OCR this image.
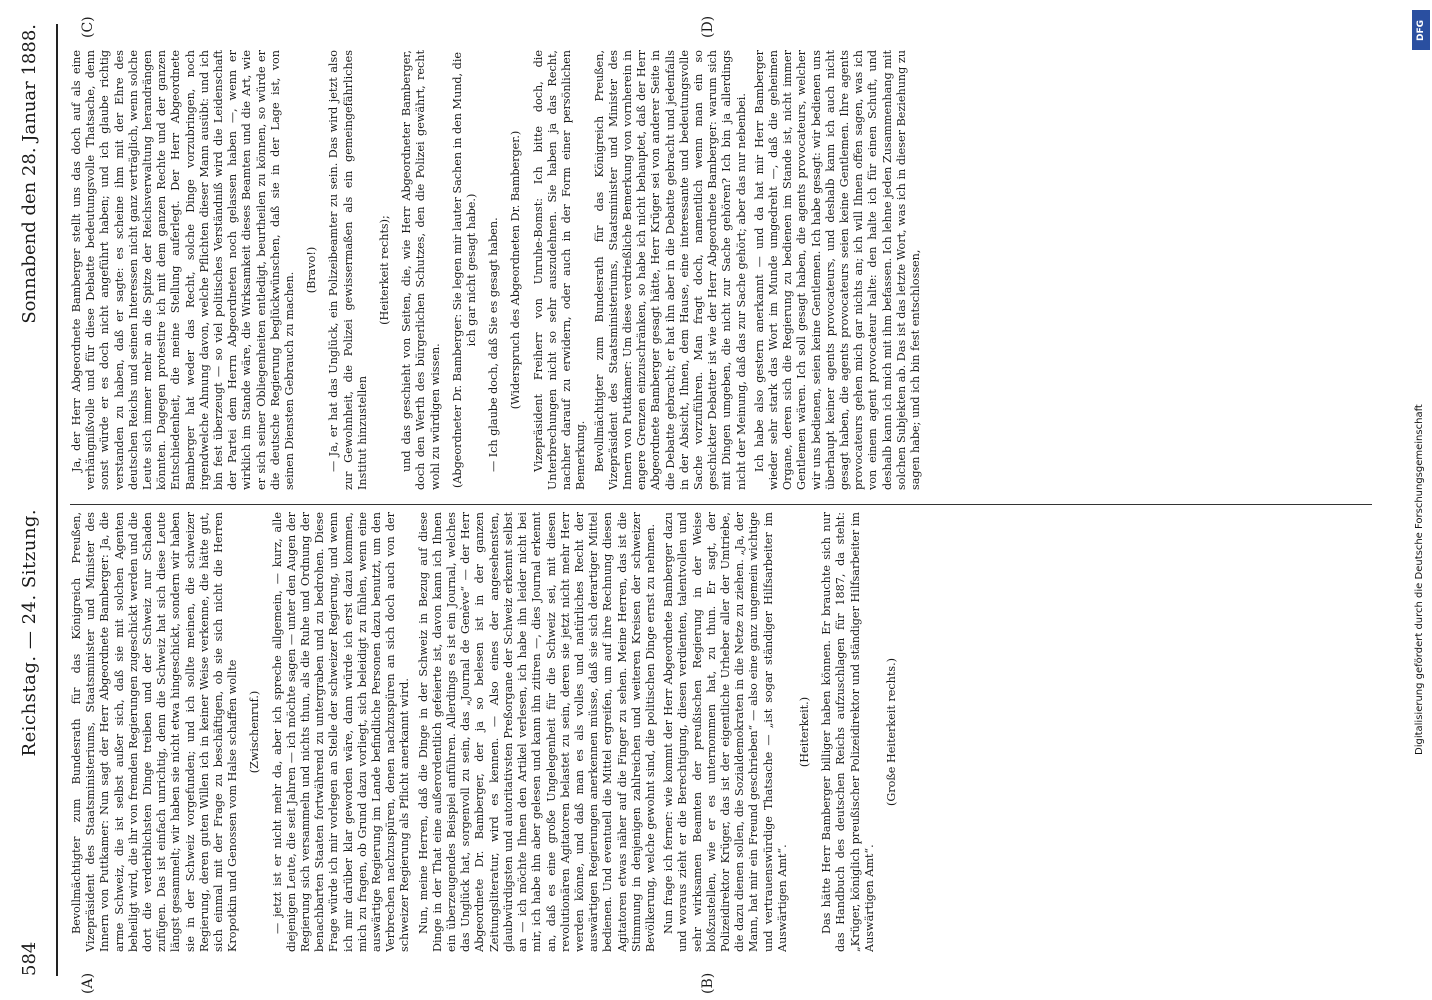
584
Reichstag. — 24. Sitzung.
Sonnabend den 28. Januar 1888.
(A)	(B)
(C)	(D)

Bevollmächtigter zum Bundesrath für das Königreich Preußen, Vizepräsident des Staatsministeriums, Staatsminister und Minister des Innern von Puttkamer: Nun sagt der Herr Abgeordnete Bamberger: Ja, die arme Schweiz, die ist selbst außer sich, daß sie mit solchen Agenten beheiligt wird, die ihr von fremden Regierungen zugeschickt werden und die dort die verderblichsten Dinge treiben und der Schweiz nur Schaden zufügen. Das ist einfach unrichtig, denn die Schweiz hat sich diese Leute längst gesammelt; wir haben sie nicht etwa hingeschickt, sondern wir haben sie in der Schweiz vorgefunden; und ich sollte meinen, die schweizer Regierung, deren guten Willen ich in keiner Weise verkenne, die hätte gut, sich einmal mit der Frage zu beschäftigen, ob sie sich nicht die Herren Kropotkin und Genossen vom Halse schaffen wollte (Zwischenruf.) — jetzt ist er nicht mehr da, aber ich spreche allgemein, — kurz, alle diejenigen Leute, die seit Jahren — ich möchte sagen — unter den Augen der Regierung sich versammeln und nichts thun, als die Ruhe und Ordnung der benachbarten Staaten fortwährend zu untergraben und zu bedrohen. Diese Frage würde ich mir vorlegen an Stelle der schweizer Regierung, und wenn ich mir darüber klar geworden wäre, dann würde ich erst dazu kommen, mich zu fragen, ob Grund dazu vorliegt, sich beleidigt zu fühlen, wenn eine auswärtige Regierung im Lande befindliche Personen dazu benutzt, um den Verbrechen nachzuspüren, denen nachzuspüren an sich doch auch von der schweizer Regierung als Pflicht anerkannt wird. Nun, meine Herren, daß die Dinge in der Schweiz in Bezug auf diese Dinge in der That eine außerordentlich gefeierte ist, davon kann ich Ihnen ein überzeugendes Beispiel anführen. Allerdings es ist ein Journal, welches das Unglück hat, sorgenvoll zu sein, das „Journal de Genève“ — der Herr Abgeordnete Dr. Bamberger, der ja so belesen ist in der ganzen Zeitungsliteratur, wird es kennen. — Also eines der angesehensten, glaubwürdigsten und autoritativsten Preßorgane der Schweiz erkennt selbst an — ich möchte Ihnen den Artikel verlesen, ich habe ihn leider nicht bei mir, ich habe ihn aber gelesen und kann ihn zitiren —, dies Journal erkennt an, daß es eine große Ungelegenheit für die Schweiz sei, mit diesen revolutionären Agitatoren belastet zu sein, deren sie jetzt nicht mehr Herr werden könne, und daß man es als volles und natürliches Recht der auswärtigen Regierungen anerkennen müsse, daß sie sich derartiger Mittel bedienen. Und eventuell die Mittel ergreifen, um auf ihre Rechnung diesen Agitatoren etwas näher auf die Finger zu sehen. Meine Herren, das ist die Stimmung in denjenigen zahlreichen und weiteren Kreisen der schweizer Bevölkerung, welche gewohnt sind, die politischen Dinge ernst zu nehmen. Nun frage ich ferner: wie kommt der Herr Abgeordnete Bamberger dazu und woraus zieht er die Berechtigung, diesen verdienten, talentvollen und sehr wirksamen Beamten der preußischen Regierung in der Weise bloßzustellen, wie er es unternommen hat, zu thun. Er sagt, der Polizeidirektor Krüger, das ist der eigentliche Urheber aller der Umtriebe, die dazu dienen sollen, die Sozialdemokraten in die Netze zu ziehen. „Ja, der Mann, hat mir ein Freund geschrieben“ — also eine ganz ungemein wichtige und vertrauenswürdige Thatsache — „ist sogar ständiger Hilfsarbeiter im Auswärtigen Amt“.

(Heiterkeit.) Das hätte Herr Bamberger billiger haben können. Er brauchte sich nur das Handbuch des deutschen Reichs aufzuschlagen für 1887, da steht: „Krüger, königlich preußischer Polizeidirektor und ständiger Hilfsarbeiter im Auswärtigen Amt“.

(Große Heiterkeit rechts.)

Ja, der Herr Abgeordnete Bamberger stellt uns das doch auf als eine verhängnißvolle und für diese Debatte bedeutungsvolle Thatsache, denn sonst würde er es doch nicht angeführt haben; und ich glaube richtig verstanden zu haben, daß er sagte: es scheine ihm mit der Ehre des deutschen Reichs und seinen Interessen nicht ganz verträglich, wenn solche Leute sich immer mehr an die Spitze der Reichsverwaltung herandrängen könnten. Dagegen protestire ich mit dem ganzen Rechte und der ganzen Entschiedenheit, die meine Stellung auferlegt. Der Herr Abgeordnete Bamberger hat weder das Recht, solche Dinge vorzubringen, noch irgendwelche Ahnung davon, welche Pflichten dieser Mann ausübt: und ich bin fest überzeugt — so viel politisches Verständniß wird die Leidenschaft der Partei dem Herrn Abgeordneten noch gelassen haben —, wenn er wirklich im Stande wäre, die Wirksamkeit dieses Beamten und die Art, wie er sich seiner Obliegenheiten entledigt, beurtheilen zu können, so würde er die deutsche Regierung beglückwünschen, daß sie in der Lage ist, von seinen Diensten Gebrauch zu machen.

(Bravo!) — Ja, er hat das Unglück, ein Polizeibeamter zu sein. Das wird jetzt also zur Gewohnheit, die Polizei gewissermaßen als ein gemeingefährliches Institut hinzustellen

(Heiterkeit rechts); und das geschieht von Seiten, die, wie Herr Abgeordneter Bamberger, doch den Werth des bürgerlichen Schutzes, den die Polizei gewährt, recht wohl zu würdigen wissen. (Abgeordneter Dr. Bamberger: Sie legen mir lauter Sachen in den Mund, die ich gar nicht gesagt habe.) — Ich glaube doch, daß Sie es gesagt haben. (Widerspruch des Abgeordneten Dr. Bamberger.) Vizepräsident Freiherr von Unruhe-Bomst: Ich bitte doch, die Unterbrechungen nicht so sehr auszudehnen. Sie haben ja das Recht, nachher darauf zu erwidern, oder auch in der Form einer persönlichen Bemerkung. Bevollmächtigter zum Bundesrath für das Königreich Preußen, Vizepräsident des Staatsministeriums, Staatsminister und Minister des Innern von Puttkamer: Um diese verdrießliche Bemerkung von vornherein in engere Grenzen einzuschränken, so habe ich nicht behauptet, daß der Herr Abgeordnete Bamberger gesagt hätte, Herr Krüger sei von anderer Seite in die Debatte gebracht; er hat ihn aber in die Debatte gebracht und jedenfalls in der Absicht, Ihnen, dem Hause, eine interessante und bedeutungsvolle Sache vorzuführen. Man fragt doch, namentlich wenn man ein so geschickter Debatter ist wie der Herr Abgeordnete Bamberger: warum sich mit Dingen umgeben, die nicht zur Sache gehören? Ich bin ja allerdings nicht der Meinung, daß das zur Sache gehört; aber das nur nebenbei. Ich habe also gestern anerkannt — und da hat mir Herr Bamberger wieder sehr stark das Wort im Munde umgedreht —, daß die geheimen Organe, deren sich die Regierung zu bedienen im Stande ist, nicht immer Gentlemen wären. Ich soll gesagt haben, die agents provocateurs, welcher wir uns bedienen, seien keine Gentlemen. Ich habe gesagt: wir bedienen uns überhaupt keiner agents provocateurs, und deshalb kann ich auch nicht gesagt haben, die agents provocateurs seien keine Gentlemen. Ihre agents provocateurs gehen mich gar nichts an; ich will Ihnen offen sagen, was ich von einem agent provocateur halte: den halte ich für einen Schuft, und deshalb kann ich mich mit ihm befassen. Ich lehne jeden Zusammenhang mit solchen Subjekten ab. Das ist das letzte Wort, was ich in dieser Beziehung zu sagen habe; und ich bin fest entschlossen,

DFG
Digitalisierung gefördert durch die Deutsche Forschungsgemeinschaft
